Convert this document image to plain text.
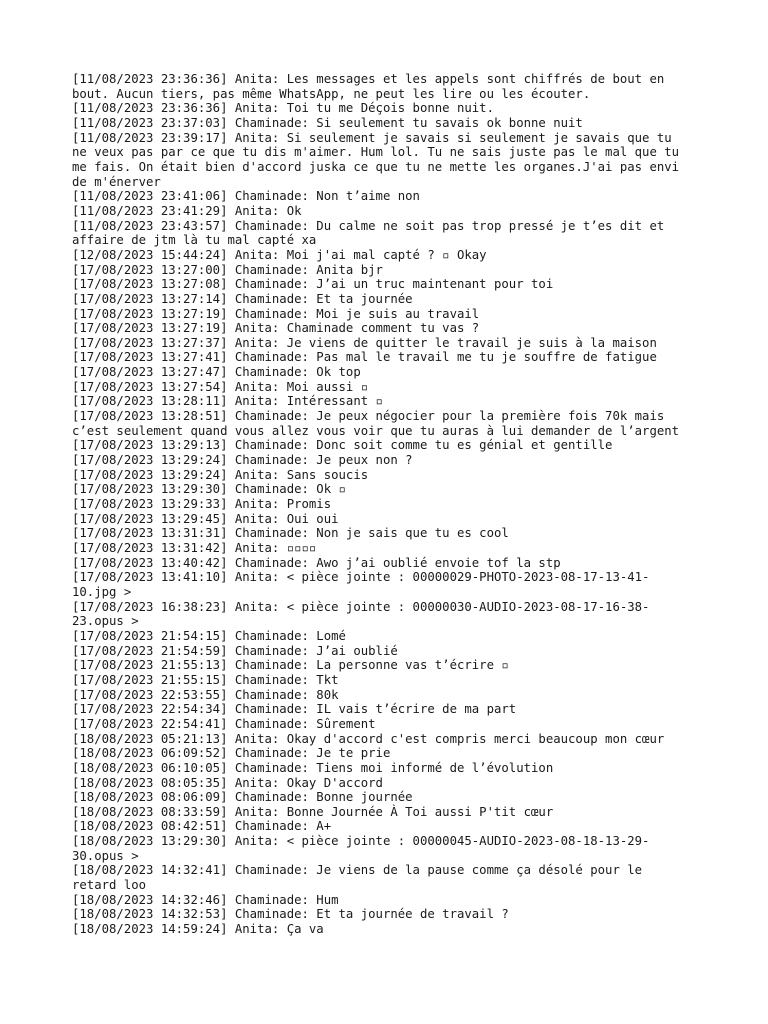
[11/08/2023 23:36:36] Anita: Les messages et les appels sont chiffrés de bout en
bout. Aucun tiers, pas même WhatsApp, ne peut les lire ou les écouter.
[11/08/2023 23:36:36] Anita: Toi tu me Déçois bonne nuit.
[11/08/2023 23:37:03] Chaminade: Si seulement tu savais ok bonne nuit
[11/08/2023 23:39:17] Anita: Si seulement je savais si seulement je savais que tu
ne veux pas par ce que tu dis m'aimer. Hum lol. Tu ne sais juste pas le mal que tu
me fais. On était bien d'accord juska ce que tu ne mette les organes.J'ai pas envi
de m'énerver
[11/08/2023 23:41:06] Chaminade: Non t’aime non
[11/08/2023 23:41:29] Anita: Ok
[11/08/2023 23:43:57] Chaminade: Du calme ne soit pas trop pressé je t’es dit et
affaire de jtm là tu mal capté xa
[12/08/2023 15:44:24] Anita: Moi j'ai mal capté ? ▫ Okay
[17/08/2023 13:27:00] Chaminade: Anita bjr
[17/08/2023 13:27:08] Chaminade: J’ai un truc maintenant pour toi
[17/08/2023 13:27:14] Chaminade: Et ta journée
[17/08/2023 13:27:19] Chaminade: Moi je suis au travail
[17/08/2023 13:27:19] Anita: Chaminade comment tu vas ?
[17/08/2023 13:27:37] Anita: Je viens de quitter le travail je suis à la maison
[17/08/2023 13:27:41] Chaminade: Pas mal le travail me tu je souffre de fatigue
[17/08/2023 13:27:47] Chaminade: Ok top
[17/08/2023 13:27:54] Anita: Moi aussi ▫
[17/08/2023 13:28:11] Anita: Intéressant ▫
[17/08/2023 13:28:51] Chaminade: Je peux négocier pour la première fois 70k mais
c’est seulement quand vous allez vous voir que tu auras à lui demander de l’argent
[17/08/2023 13:29:13] Chaminade: Donc soit comme tu es génial et gentille
[17/08/2023 13:29:24] Chaminade: Je peux non ?
[17/08/2023 13:29:24] Anita: Sans soucis
[17/08/2023 13:29:30] Chaminade: Ok ▫
[17/08/2023 13:29:33] Anita: Promis
[17/08/2023 13:29:45] Anita: Oui oui
[17/08/2023 13:31:31] Chaminade: Non je sais que tu es cool
[17/08/2023 13:31:42] Anita: ▫▫▫▫
[17/08/2023 13:40:42] Chaminade: Awo j’ai oublié envoie tof la stp
[17/08/2023 13:41:10] Anita: < pièce jointe : 00000029-PHOTO-2023-08-17-13-41-
10.jpg >
[17/08/2023 16:38:23] Anita: < pièce jointe : 00000030-AUDIO-2023-08-17-16-38-
23.opus >
[17/08/2023 21:54:15] Chaminade: Lomé
[17/08/2023 21:54:59] Chaminade: J’ai oublié
[17/08/2023 21:55:13] Chaminade: La personne vas t’écrire ▫
[17/08/2023 21:55:15] Chaminade: Tkt
[17/08/2023 22:53:55] Chaminade: 80k
[17/08/2023 22:54:34] Chaminade: IL vais t’écrire de ma part
[17/08/2023 22:54:41] Chaminade: Sûrement
[18/08/2023 05:21:13] Anita: Okay d'accord c'est compris merci beaucoup mon cœur
[18/08/2023 06:09:52] Chaminade: Je te prie
[18/08/2023 06:10:05] Chaminade: Tiens moi informé de l’évolution
[18/08/2023 08:05:35] Anita: Okay D'accord
[18/08/2023 08:06:09] Chaminade: Bonne journée
[18/08/2023 08:33:59] Anita: Bonne Journée À Toi aussi P'tit cœur
[18/08/2023 08:42:51] Chaminade: A+
[18/08/2023 13:29:30] Anita: < pièce jointe : 00000045-AUDIO-2023-08-18-13-29-
30.opus >
[18/08/2023 14:32:41] Chaminade: Je viens de la pause comme ça désolé pour le
retard loo
[18/08/2023 14:32:46] Chaminade: Hum
[18/08/2023 14:32:53] Chaminade: Et ta journée de travail ?
[18/08/2023 14:59:24] Anita: Ça va
